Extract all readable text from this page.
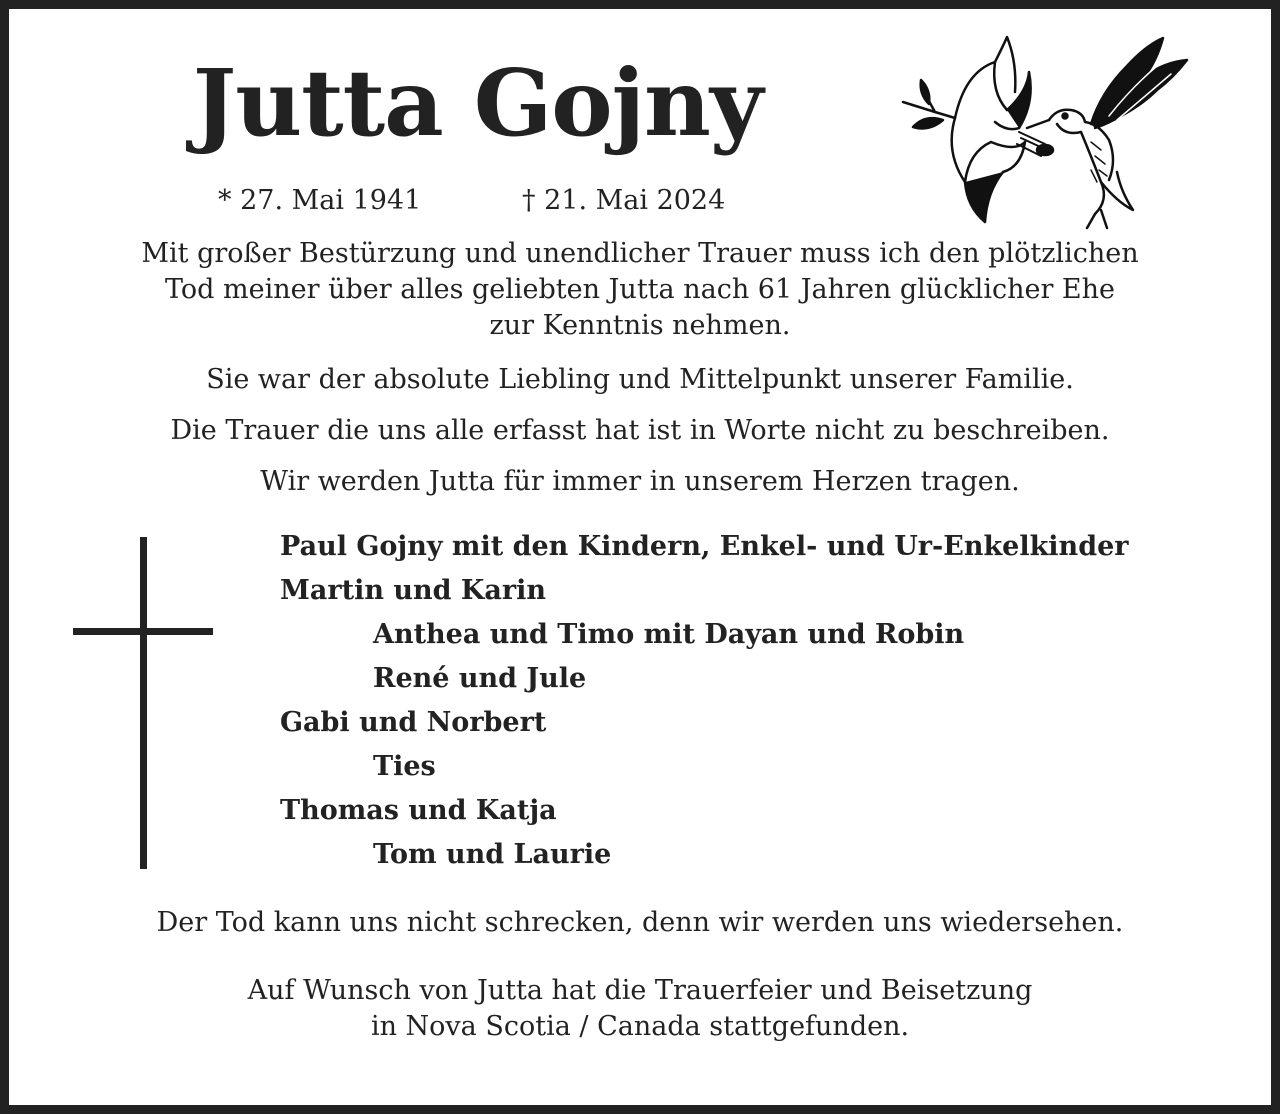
Jutta Gojny
* 27. Mai 1941	† 21. Mai 2024

Mit großer Bestürzung und unendlicher Trauer muss ich den plötzlichen
Tod meiner über alles geliebten Jutta nach 61 Jahren glücklicher Ehe
zur Kenntnis nehmen.

Sie war der absolute Liebling und Mittelpunkt unserer Familie.

Die Trauer die uns alle erfasst hat ist in Worte nicht zu beschreiben.

Wir werden Jutta für immer in unserem Herzen tragen.

Paul Gojny mit den Kindern, Enkel- und Ur-Enkelkinder
Martin und Karin
Anthea und Timo mit Dayan und Robin
René und Jule
Gabi und Norbert
Ties
Thomas und Katja
Tom und Laurie

Der Tod kann uns nicht schrecken, denn wir werden uns wiedersehen.

Auf Wunsch von Jutta hat die Trauerfeier und Beisetzung
in Nova Scotia / Canada stattgefunden.
